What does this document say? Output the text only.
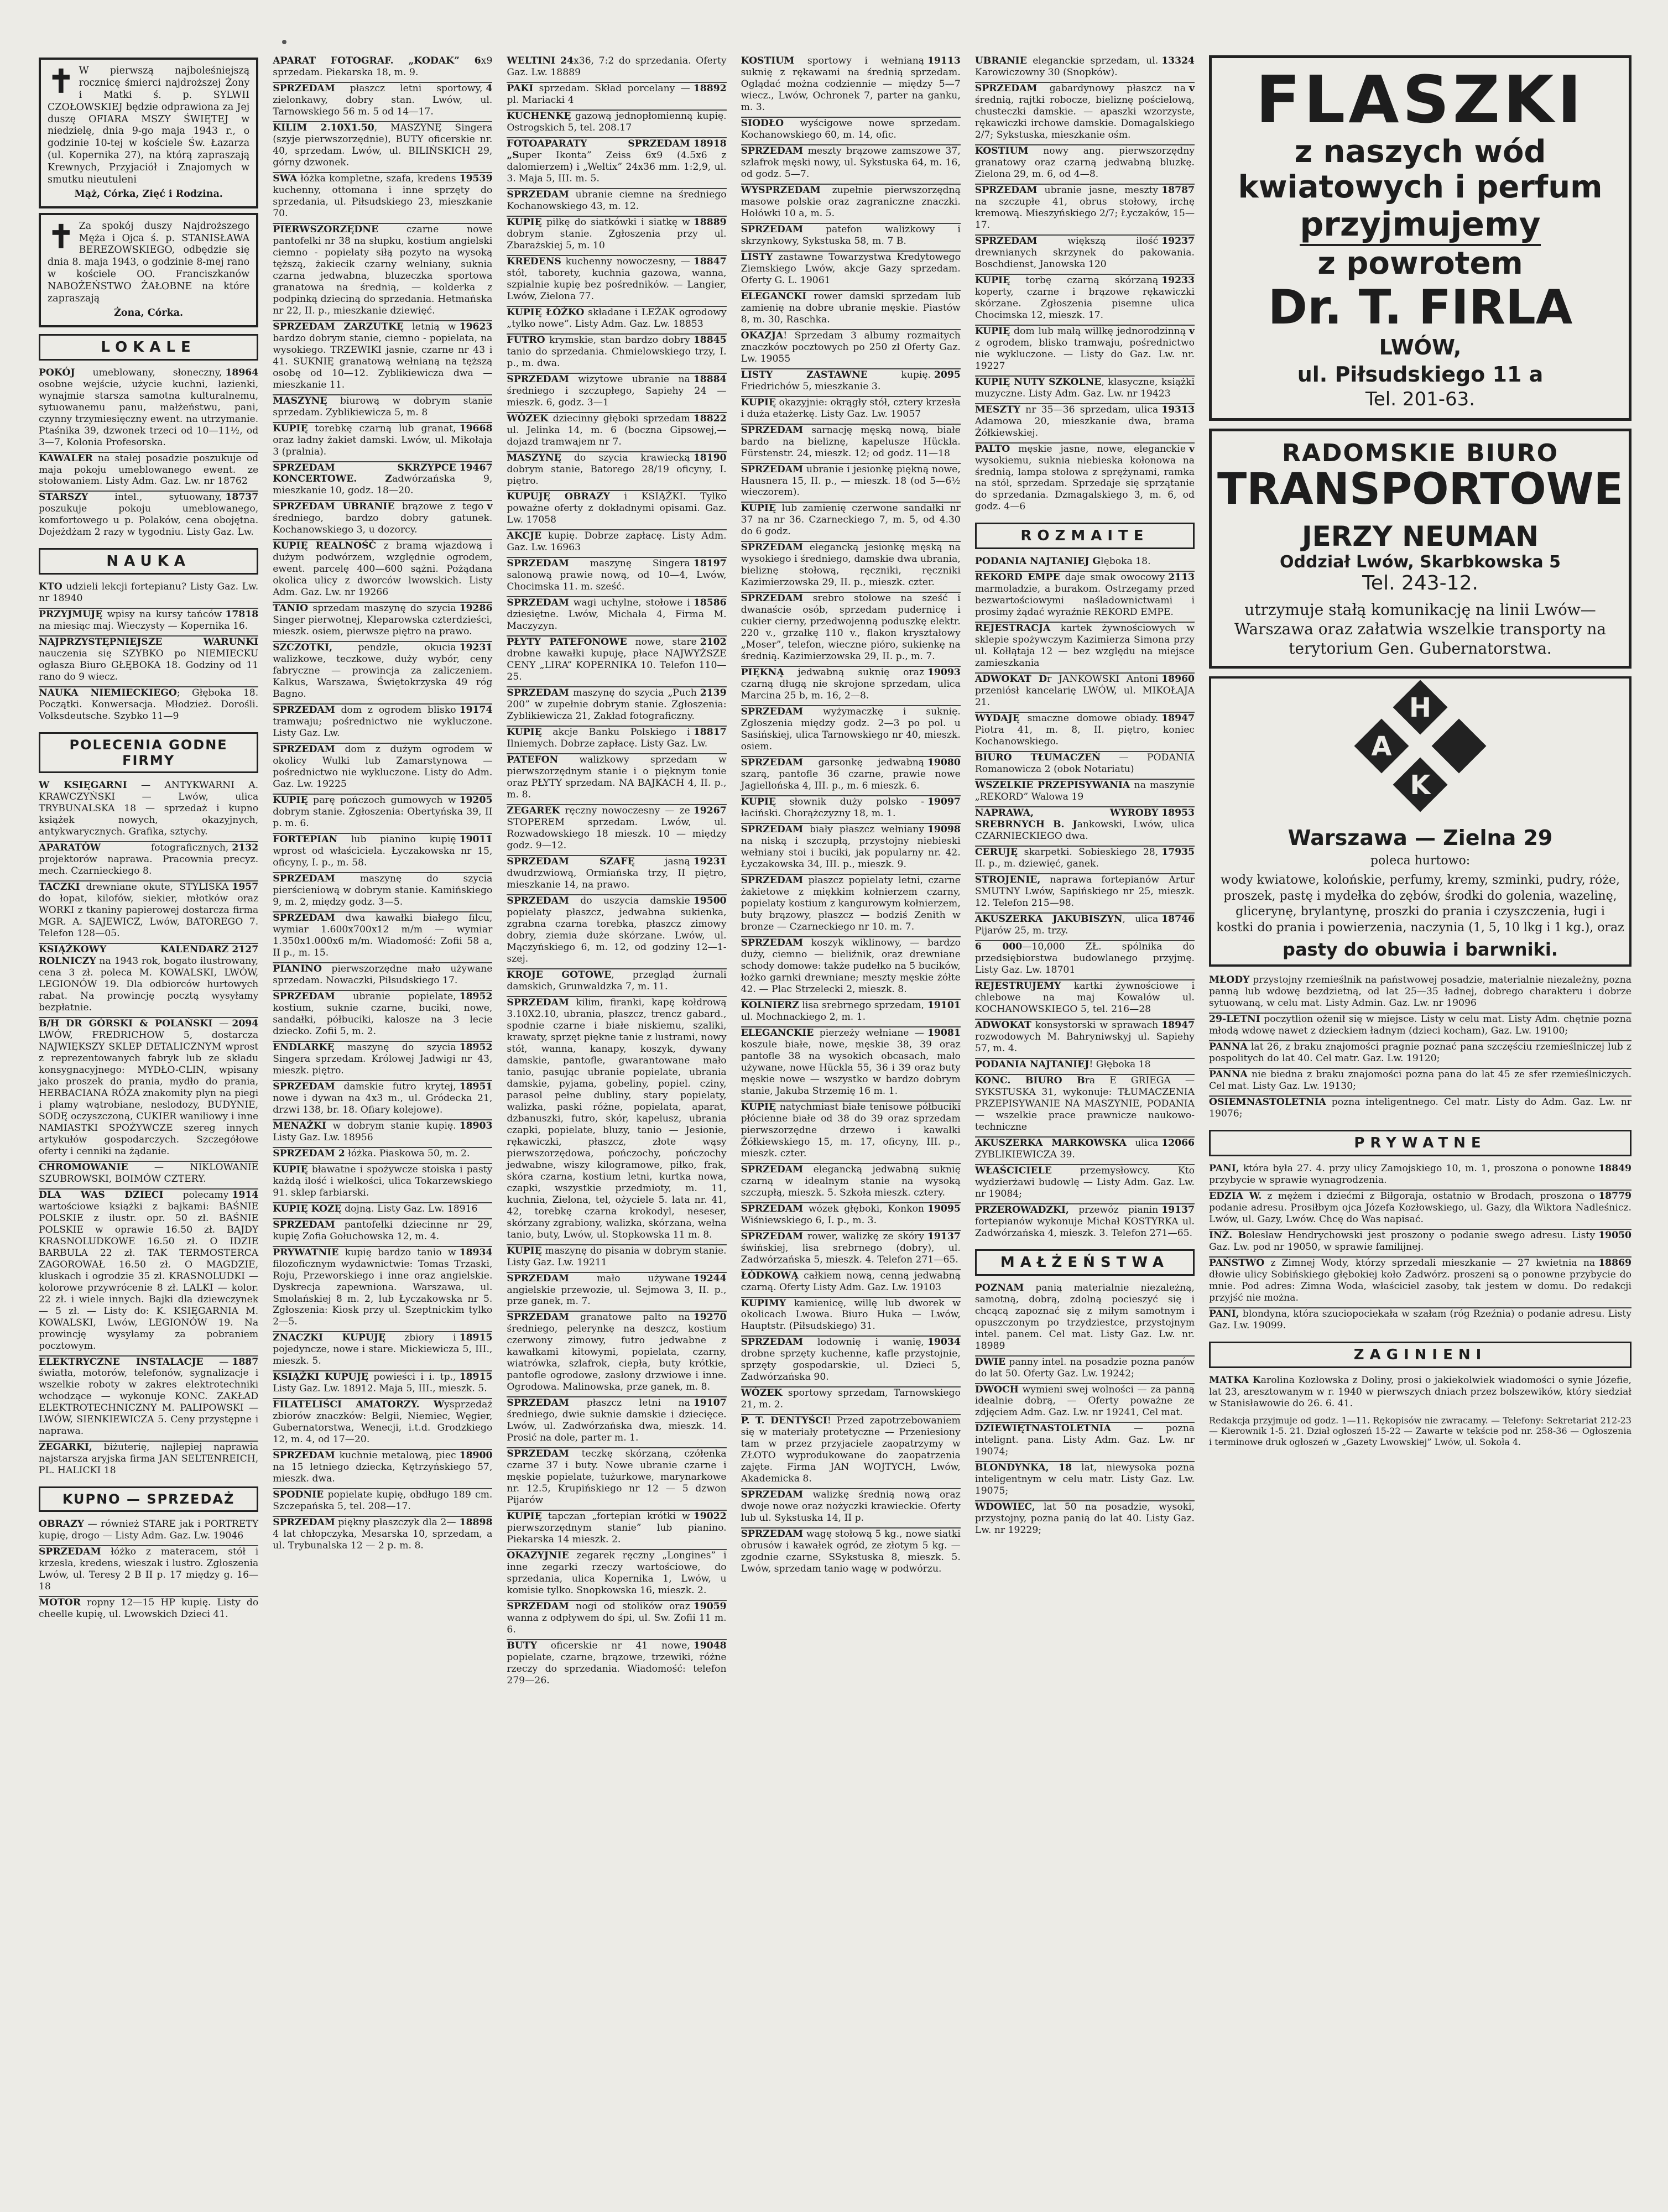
✝ W pierwszą najboleśniejszą rocznicę śmierci najdroższej Żony i Matki ś. p. SYLWII CZOŁOWSKIEJ będzie odprawiona za Jej duszę OFIARA MSZY ŚWIĘTEJ w niedzielę, dnia 9-go maja 1943 r., o godzinie 10-tej w kościele Św. Łazarza (ul. Kopernika 27), na którą zapraszają Krewnych, Przyjaciół i Znajomych w smutku nieutuleni
Mąż, Córka, Zięć i Rodzina.
✝ Za spokój duszy Najdroższego Męża i Ojca ś. p. STANISŁAWA BEREZOWSKIEGO, odbędzie się dnia 8. maja 1943, o godzinie 8-mej rano w kościele OO. Franciszkanów NABOŻEŃSTWO ŻAŁOBNE na które zapraszają
Żona, Córka.
LOKALE
18964
POKÓJ umeblowany, słoneczny, osobne wejście, użycie kuchni, łazienki, wynajmie starsza samotna kulturalnemu, sytuowanemu panu, małżeństwu, pani, czynny trzymiesięczny ewent. na utrzymanie. Ptaśnika 39, dzwonek trzeci od 10—11½, od 3—7, Kolonia Profesorska.
KAWALER na stałej posadzie poszukuje od maja pokoju umeblowanego ewent. ze stołowaniem. Listy Adm. Gaz. Lw. nr 18762
18737
STARSZY intel., sytuowany, poszukuje pokoju umeblowanego, komfortowego u p. Polaków, cena obojętna. Dojeżdżam 2 razy w tygodniu. Listy Gaz. Lw.
NAUKA
KTO udzieli lekcji fortepianu? Listy Gaz. Lw. nr 18940
17818
PRZYJMUJĘ wpisy na kursy tańców na miesiąc maj. Wieczysty — Kopernika 16.
NAJPRZYSTĘPNIEJSZE WARUNKI nauczenia się SZYBKO po NIEMIECKU ogłasza Biuro GŁĘBOKA 18. Godziny od 11 rano do 9 wiecz.
NAUKA NIEMIECKIEGO; Głęboka 18. Początki. Konwersacja. Młodzież. Dorośli. Volksdeutsche. Szybko 11—9
POLECENIA GODNE FIRMY
W KSIĘGARNI — ANTYKWARNI A. KRAWCZYŃSKI — Lwów, ulica TRYBUNALSKA 18 — sprzedaż i kupno książek nowych, okazyjnych, antykwarycznych. Grafika, sztychy.
2132
APARATÓW fotograficznych, projektorów naprawa. Pracownia precyz. mech. Czarnieckiego 8.
1957
TACZKI drewniane okute, STYLISKA do łopat, kilofów, siekier, młotków oraz WORKI z tkaniny papierowej dostarcza firma MGR. A. SAJEWICZ, Lwów, BATOREGO 7. Telefon 128—05.
2127
KSIĄŻKOWY KALENDARZ ROLNICZY na 1943 rok, bogato ilustrowany, cena 3 zł. poleca M. KOWALSKI, LWÓW, LEGIONÓW 19. Dla odbiorców hurtowych rabat. Na prowincję pocztą wysyłamy bezpłatnie.
2094
B/H DR GÓRSKI & POLAŃSKI — LWÓW, FREDRICHOW 5, dostarcza NAJWIĘKSZY SKLEP DETALICZNYM wprost z reprezentowanych fabryk lub ze składu konsygnacyjnego: MYDŁO-CLIN, wpisany jako proszek do prania, mydło do prania, HERBACIANA RÓŻA znakomity plyn na piegi i plamy wątrobiane, neslodozy, BUDYNIE, SODĘ oczyszczoną, CUKIER waniliowy i inne NAMIASTKI SPOŻYWCZE szereg innych artykułów gospodarczych. Szczegółowe oferty i cenniki na żądanie.
CHROMOWANIE — NIKLOWANIE SZUBROWSKI, BOIMÓW CZTERY.
1914
DLA WAS DZIECI polecamy wartościowe książki z bajkami: BAŚNIE POLSKIE z ilustr. opr. 50 zł. BAŚNIE POLSKIE w oprawie 16.50 zł. BAJDY KRASNOLUDKOWE 16.50 zł. O IDZIE BARBULA 22 zł. TAK TERMOSTERCA ZAGOROWAŁ 16.50 zł. O MAGDZIE, kluskach i ogrodzie 35 zł. KRASNOLUDKI — kolorowe przywrócenie 8 zł. LALKI — kolor. 22 zł. i wiele innych. Bajki dla dziewczynek — 5 zł. — Listy do: K. KSIĘGARNIA M. KOWALSKI, Lwów, LEGIONÓW 19. Na prowincję wysyłamy za pobraniem pocztowym.
1887
ELEKTRYCZNE INSTALACJE — światła, motorów, telefonów, sygnalizacje i wszelkie roboty w zakres elektrotechniki wchodzące — wykonuje KONC. ZAKŁAD ELEKTROTECHNICZNY M. PALIPOWSKI — LWÓW, SIENKIEWICZA 5. Ceny przystępne i naprawa.
ZEGARKI, biżuterię, najlepiej naprawia najstarsza aryjska firma JAN SELTENREICH, PL. HALICKI 18
KUPNO — SPRZEDAŻ
OBRAZY — również STARE jak i PORTRETY kupię, drogo — Listy Adm. Gaz. Lw. 19046
SPRZEDAM łóżko z materacem, stół i krzesła, kredens, wieszak i lustro. Zgłoszenia Lwów, ul. Teresy 2 B II p. 17 między g. 16—18
MOTOR ropny 12—15 HP kupię. Listy do cheelle kupię, ul. Lwowskich Dzieci 41.
APARAT FOTOGRAF. „KODAK” 6x9 sprzedam. Piekarska 18, m. 9.
4
SPRZEDAM płaszcz letni sportowy, zielonkawy, dobry stan. Lwów, ul. Tarnowskiego 56 m. 5 od 14—17.
KILIM 2.10X1.50, MASZYNĘ Singera (szyje pierwszorzędnie), BUTY oficerskie nr. 40, sprzedam. Lwów, ul. BILIŃSKICH 29, górny dzwonek.
19539
SWA łóżka kompletne, szafa, kredens kuchenny, ottomana i inne sprzęty do sprzedania, ul. Piłsudskiego 23, mieszkanie 70.
PIERWSZORZĘDNE czarne nowe pantofelki nr 38 na słupku, kostium angielski ciemno - popielaty siłą pozyto na wysoką tęższą, żakiecik czarny welniany, suknia czarna jedwabna, bluzeczka sportowa granatowa na średnią, — kolderka z podpinką dzieciną do sprzedania. Hetmańska nr 22, II. p., mieszkanie dziewięć.
19623
SPRZEDAM ZARZUTKĘ letnią w bardzo dobrym stanie, ciemno - popielata, na wysokiego. TRZEWIKI jasnie, czarne nr 43 i 41. SUKNIĘ granatową wełnianą na tęższą osobę od 10—12. Zyblikiewicza dwa — mieszkanie 11.
MASZYNĘ biurową w dobrym stanie sprzedam. Zyblikiewicza 5, m. 8
19668
KUPIĘ torebkę czarną lub granat, oraz ładny żakiet damski. Lwów, ul. Mikołaja 3 (pralnia).
19467
SPRZEDAM SKRZYPCE KONCERTOWE. Zadwórzańska 9, mieszkanie 10, godz. 18—20.
v
SPRZEDAM UBRANIE brązowe z tego średniego, bardzo dobry gatunek. Kochanowskiego 3, u dozorcy.
KUPIĘ REALNOŚĆ z bramą wjazdową i dużym podwórzem, względnie ogrodem, ewent. parcelę 400—600 sążni. Pożądana okolica ulicy z dworców lwowskich. Listy Adm. Gaz. Lw. nr 19266
19286
TANIO sprzedam maszynę do szycia Singer pierwotnej, Kleparowska czterdzieści, mieszk. osiem, pierwsze piętro na prawo.
19231
SZCZOTKI, pendzle, okucia walizkowe, teczkowe, duży wybór, ceny fabryczne — prowincja za zaliczeniem. Kalkus, Warszawa, Świętokrzyska 49 róg Bagno.
19174
SPRZEDAM dom z ogrodem blisko tramwaju; pośrednictwo nie wykluczone. Listy Gaz. Lw.
SPRZEDAM dom z dużym ogrodem w okolicy Wulki lub Zamarstynowa — pośrednictwo nie wykluczone. Listy do Adm. Gaz. Lw. 19225
19205
KUPIĘ parę pończoch gumowych w dobrym stanie. Zgłoszenia: Obertyńska 39, II p. m. 6.
19011
FORTEPIAN lub pianino kupię wprost od właściciela. Łyczakowska nr 15, oficyny, I. p., m. 58.
SPRZEDAM maszynę do szycia pierścieniową w dobrym stanie. Kamińskiego 9, m. 2, między godz. 3—5.
SPRZEDAM dwa kawałki białego filcu, wymiar 1.600x700x12 m/m — wymiar 1.350x1.000x6 m/m. Wiadomość: Zofii 58 a, II p., m. 15.
PIANINO pierwszorzędne mało używane sprzedam. Nowaczki, Piłsudskiego 17.
18952
SPRZEDAM ubranie popielate, kostium, suknie czarne, buciki, nowe, sandałki, półbuciki, kalosze na 3 lecie dziecko. Zofii 5, m. 2.
18952
ENDLARKĘ maszynę do szycia Singera sprzedam. Królowej Jadwigi nr 43, mieszk. piętro.
18951
SPRZEDAM damskie futro krytej, nowe i dywan na 4x3 m., ul. Gródecka 21, drzwi 138, br. 18. Ofiary kolejowe).
18903
MENAŻKI w dobrym stanie kupię. Listy Gaz. Lw. 18956
SPRZEDAM 2 łóżka. Piaskowa 50, m. 2.
KUPIĘ bławatne i spożywcze stoiska i pasty każdą ilość i wielkości, ulica Tokarzewskiego 91. sklep farbiarski.
KUPIĘ KOZĘ dojną. Listy Gaz. Lw. 18916
SPRZEDAM pantofelki dziecinne nr 29, kupię Zofia Gołuchowska 12, m. 4.
18934
PRYWATNIE kupię bardzo tanio w filozoficznym wydawnictwie: Tomas Trzaski, Roju, Przeworskiego i inne oraz angielskie. Dyskrecja zapewniona. Warszawa, ul. Smolańskiej 8 m. 2, lub Łyczakowska nr 5. Zgłoszenia: Kiosk przy ul. Szeptnickim tylko 2—5.
18915
ZNACZKI KUPUJĘ zbiory i pojedyncze, nowe i stare. Mickiewicza 5, III., mieszk. 5.
18915
KSIĄŻKI KUPUJĘ powieści i i. tp., Listy Gaz. Lw. 18912. Maja 5, III., mieszk. 5.
FILATELIŚCI AMATORZY. Wysprzedaż zbiorów znaczków: Belgii, Niemiec, Węgier, Gubernatorstwa, Wenecji, i.t.d. Grodzkiego 12, m. 4, od 17—20.
18900
SPRZEDAM kuchnie metalową, piec na 15 letniego dziecka, Kętrzyńskiego 57, mieszk. dwa.
SPODNIE popielate kupię, obdługo 189 cm. Szczepańska 5, tel. 208—17.
18898
SPRZEDAM piękny płaszczyk dla 2—4 lat chłopczyka, Mesarska 10, sprzedam, a ul. Trybunalska 12 — 2 p. m. 8.
WELTINI 24x36, 7:2 do sprzedania. Oferty Gaz. Lw. 18889
18892
PAKI sprzedam. Skład porcelany — pl. Mariacki 4
KUCHENKĘ gazową jednopłomienną kupię. Ostrogskich 5, tel. 208.17
18918
FOTOAPARATY SPRZEDAM „Super Ikonta” Zeiss 6x9 (4.5x6 z dalomierzem) i „Weltix” 24x36 mm. 1:2,9, ul. 3. Maja 5, III. m. 5.
SPRZEDAM ubranie ciemne na średniego Kochanowskiego 43, m. 12.
18889
KUPIĘ piłkę do siatkówki i siatkę w dobrym stanie. Zgłoszenia przy ul. Zbarażskiej 5, m. 10
18847
KREDENS kuchenny nowoczesny, — stół, taborety, kuchnia gazowa, wanna, szpialnie kupię bez pośredników. — Langier, Lwów, Zielona 77.
KUPIĘ ŁÓŻKO składane i LEŻAK ogrodowy „tylko nowe”. Listy Adm. Gaz. Lw. 18853
18845
FUTRO krymskie, stan bardzo dobry tanio do sprzedania. Chmielowskiego trzy, I. p., m. dwa.
18884
SPRZEDAM wizytowe ubranie na średniego i szczupłego, Sapiehy 24 — mieszk. 6, godz. 3—1
18822
WÓZEK dziecinny głęboki sprzedam ul. Jelinka 14, m. 6 (boczna Gipsowej,—dojazd tramwajem nr 7.
18190
MASZYNĘ do szycia krawiecką dobrym stanie, Batorego 28/19 oficyny, I. piętro.
KUPUJĘ OBRAZY i KSIĄŻKI. Tylko poważne oferty z dokładnymi opisami. Gaz. Lw. 17058
AKCJE kupię. Dobrze zapłacę. Listy Adm. Gaz. Lw. 16963
18197
SPRZEDAM maszynę Singera salonową prawie nową, od 10—4, Lwów, Chocimska 11. m. sześć.
18586
SPRZEDAM wagi uchylne, stołowe i dziesiętne. Lwów, Michała 4, Firma M. Maczyzyn.
2102
PŁYTY PATEFONOWE nowe, stare drobne kawałki kupuję, płace NAJWYŻSZE CENY „LIRA” KOPERNIKA 10. Telefon 110—25.
2139
SPRZEDAM maszynę do szycia „Puch 200” w zupełnie dobrym stanie. Zgłoszenia: Zyblikiewicza 21, Zakład fotograficzny.
18817
KUPIĘ akcje Banku Polskiego i Ilniemych. Dobrze zapłacę. Listy Gaz. Lw.
PATEFON walizkowy sprzedam w pierwszorzędnym stanie i o pięknym tonie oraz PŁYTY sprzedam. NA BAJKACH 4, II. p., m. 8.
19267
ZEGAREK ręczny nowoczesny — ze STOPEREM sprzedam. Lwów, ul. Rozwadowskiego 18 mieszk. 10 — między godz. 9—12.
19231
SPRZEDAM SZAFĘ jasną dwudrzwiową, Ormiańska trzy, II piętro, mieszkanie 14, na prawo.
19500
SPRZEDAM do uszycia damskie popielaty płaszcz, jedwabna sukienka, zgrabna czarna torebka, płaszcz zimowy dobry, ziemia duże skórzane. Lwów, ul. Mączyńskiego 6, m. 12, od godziny 12—1-szej.
KROJE GOTOWE, przegląd żurnali damskich, Grunwaldzka 7, m. 11.
SPRZEDAM kilim, firanki, kapę kołdrową 3.10X2.10, ubrania, płaszcz, trencz gabard., spodnie czarne i białe niskiemu, szaliki, krawaty, sprzęt piękne tanie z lustrami, nowy stół, wanna, kanapy, koszyk, dywany damskie, pantofle, gwarantowane mało tanio, pasując ubranie popielate, ubrania damskie, pyjama, gobeliny, popiel. cziny, parasol pełne dubliny, stary popielaty, walizka, paski różne, popielata, aparat, dzbanuszki, futro, skór, kapelusz, ubrania czapki, popielate, bluzy, tanio — Jesionie, rękawiczki, płaszcz, złote wąsy pierwszorzędowa, pończochy, pończochy jedwabne, wiszy kilogramowe, piłko, frak, skóra czarna, kostium letni, kurtka nowa, czapki, wszystkie przedmioty, m. 11, kuchnia, Zielona, tel, ożyciele 5. lata nr. 41, 42, torebkę czarna krokodyl, neseser, skórzany zgrabiony, walizka, skórzana, wełna tanio, buty, Lwów, ul. Stopkowska 11 m. 8.
KUPIĘ maszynę do pisania w dobrym stanie. Listy Gaz. Lw. 19211
19244
SPRZEDAM mało używane angielskie przewozie, ul. Sejmowa 3, II. p., prze ganek, m. 7.
19270
SPRZEDAM granatowe palto na średniego, pelerynkę na deszcz, kostium czerwony zimowy, futro jedwabne z kawałkami kitowymi, popielata, czarny, wiatrówka, szlafrok, ciepła, buty krótkie, pantofle ogrodowe, zasłony drzwiowe i inne. Ogrodowa. Malinowska, prze ganek, m. 8.
19107
SPRZEDAM płaszcz letni na średniego, dwie suknie damskie i dziecięce. Lwów, ul. Zadwórzańska dwa, mieszk. 14. Prosić na dole, parter m. 1.
SPRZEDAM teczkę skórzaną, czółenka czarne 37 i buty. Nowe ubranie czarne i męskie popielate, tużurkowe, marynarkowe nr. 12.5, Krupińskiego nr 12 — 5 dzwon Pijarów
19022
KUPIĘ tapczan „fortepian krótki w pierwszorzędnym stanie” lub pianino. Piekarska 14 mieszk. 2.
OKAZYJNIE zegarek ręczny „Longines” i inne zegarki rzeczy wartościowe, do sprzedania, ulica Kopernika 1, Lwów, u komisie tylko. Snopkowska 16, mieszk. 2.
19059
SPRZEDAM nogi od stolików oraz wanna z odpływem do śpi, ul. Sw. Zofii 11 m. 6.
19048
BUTY oficerskie nr 41 nowe, popielate, czarne, brązowe, trzewiki, różne rzeczy do sprzedania. Wiadomość: telefon 279—26.
19113
KOSTIUM sportowy i wełnianą suknię z rękawami na średnią sprzedam. Oglądać można codziennie — między 5—7 wiecz., Lwów, Ochronek 7, parter na ganku, m. 3.
SIODŁO wyścigowe nowe sprzedam. Kochanowskiego 60, m. 14, ofic.
SPRZEDAM meszty brązowe zamszowe 37, szlafrok męski nowy, ul. Sykstuska 64, m. 16, od godz. 5—7.
WYSPRZEDAM zupełnie pierwszorzędną masowe polskie oraz zagraniczne znaczki. Hołówki 10 a, m. 5.
SPRZEDAM patefon walizkowy i skrzynkowy, Sykstuska 58, m. 7 B.
LISTY zastawne Towarzystwa Kredytowego Ziemskiego Lwów, akcje Gazy sprzedam. Oferty G. L. 19061
ELEGANCKI rower damski sprzedam lub zamienię na dobre ubranie męskie. Piastów 8, m. 30, Raschka.
OKAZJA! Sprzedam 3 albumy rozmaitych znaczków pocztowych po 250 zł Oferty Gaz. Lw. 19055
2095
LISTY ZASTAWNE kupię. Friedrichów 5, mieszkanie 3.
KUPIĘ okazyjnie: okrągły stół, cztery krzesła i duża etażerkę. Listy Gaz. Lw. 19057
SPRZEDAM sarnację męską nową, białe bardo na bieliznę, kapelusze Hückla. Fürstenstr. 24, mieszk. 12; od godz. 11—18
SPRZEDAM ubranie i jesionkę piękną nowe, Hausnera 15, II. p., — mieszk. 18 (od 5—6½ wieczorem).
KUPIĘ lub zamienię czerwone sandałki nr 37 na nr 36. Czarneckiego 7, m. 5, od 4.30 do 6 godz.
SPRZEDAM elegancką jesionkę męską na wysokiego i średniego, damskie dwa ubrania, bieliznę stołową, ręczniki, ręczniki Kazimierzowska 29, II. p., mieszk. czter.
SPRZEDAM srebro stołowe na sześć i dwanaście osób, sprzedam pudernicę i cukier cierny, przedwojenną poduszkę elektr. 220 v., grzałkę 110 v., flakon kryształowy „Moser”, telefon, wieczne pióro, sukienkę na średnią. Kazimierzowska 29, II. p., m. 7.
19093
PIĘKNĄ jedwabną suknię oraz czarną długą nie skrojone sprzedam, ulica Marcina 25 b, m. 16, 2—8.
SPRZEDAM wyżymaczkę i suknię. Zgłoszenia między godz. 2—3 po pol. u Sasińskiej, ulica Tarnowskiego nr 40, mieszk. osiem.
19080
SPRZEDAM garsonkę jedwabną szarą, pantofle 36 czarne, prawie nowe Jagiellońska 4, III. p., m. 6 mieszk. 6.
19097
KUPIĘ słownik duży polsko - łaciński. Chorążczyzny 18, m. 1.
19098
SPRZEDAM biały płaszcz wełniany na niską i szczupłą, przystojny niebieski wełniany stoi i buciki, jak popularny nr. 42. Łyczakowska 34, III. p., mieszk. 9.
SPRZEDAM płaszcz popielaty letni, czarne żakietowe z miękkim kołnierzem czarny, popielaty kostium z kangurowym kołnierzem, buty brązowy, płaszcz — bodziś Zenith w bronze — Czarneckiego nr 10. m. 7.
SPRZEDAM koszyk wiklinowy, — bardzo duży, ciemno — bieliźnik, oraz drewniane schody domowe: także pudełko na 5 bucików, łożko garnki drewniane; meszty męskie żółte 42. — Plac Strzelecki 2, mieszk. 8.
19101
KOLNIERZ lisa srebrnego sprzedam, ul. Mochnackiego 2, m. 1.
19081
ELEGANCKIE pierzeży wełniane — koszule białe, nowe, męskie 38, 39 oraz pantofle 38 na wysokich obcasach, mało używane, nowe Hückla 55, 36 i 39 oraz buty męskie nowe — wszystko w bardzo dobrym stanie, Jakuba Strzemię 16 m. 1.
KUPIĘ natychmiast białe tenisowe półbuciki płócienne białe od 38 do 39 oraz sprzedam pierwszorzędne drzewo i kawałki Żółkiewskiego 15, m. 17, oficyny, III. p., mieszk. czter.
SPRZEDAM elegancką jedwabną suknię czarną w idealnym stanie na wysoką szczupłą, mieszk. 5. Szkoła mieszk. cztery.
19095
SPRZEDAM wózek głęboki, Konkon Wiśniewskiego 6, I. p., m. 3.
19137
SPRZEDAM rower, walizkę ze skóry świńskiej, lisa srebrnego (dobry), ul. Zadwórzańska 5, mieszk. 4. Telefon 271—65.
ŁÓDKOWĄ całkiem nową, cenną jedwabną czarną. Oferty Listy Adm. Gaz. Lw. 19103
KUPIMY kamienicę, willę lub dworek w okolicach Lwowa. Biuro Huka — Lwów, Hauptstr. (Piłsudskiego) 31.
19034
SPRZEDAM lodownię i wanię, drobne sprzęty kuchenne, kafle przystojnie, sprzęty gospodarskie, ul. Dzieci 5, Zadwórzańska 90.
WÓZEK sportowy sprzedam, Tarnowskiego 21, m. 2.
P. T. DENTYŚCI! Przed zapotrzebowaniem się w materiały protetyczne — Przeniesiony tam w przez przyjaciele zaopatrzymy w ZŁOTO wyprodukowane do zaopatrzenia zajęte. Firma JAN WOJTYCH, Lwów, Akademicka 8.
SPRZEDAM walizkę średnią nową oraz dwoje nowe oraz nożyczki krawieckie. Oferty lub ul. Sykstuska 14, II p.
SPRZEDAM wagę stołową 5 kg., nowe siatki obrusów i kawałek ogród, ze złotym 5 kg. — zgodnie czarne, SSykstuska 8, mieszk. 5. Lwów, sprzedam tanio wagę w podwórzu.
13324
UBRANIE eleganckie sprzedam, ul. Karowiczowny 30 (Snopków).
v
SPRZEDAM gabardynowy płaszcz na średnią, rajtki robocze, bieliznę pościelową, chusteczki damskie. — apaszki wzorzyste, rękawiczki irchowe damskie. Domagalskiego 2/7; Sykstuska, mieszkanie ośm.
KOSTIUM nowy ang. pierwszorzędny granatowy oraz czarną jedwabną bluzkę. Zielona 29, m. 6, od 4—8.
18787
SPRZEDAM ubranie jasne, meszty na szczupłe 41, obrus stołowy, irchę kremową. Mieszyńskiego 2/7; Łyczaków, 15—17.
19237
SPRZEDAM większą ilość drewnianych skrzynek do pakowania. Boschdienst, Janowska 120
19233
KUPIĘ torbę czarną skórzaną koperty, czarne i brązowe rękawiczki skórzane. Zgłoszenia pisemne ulica Chocimska 12, mieszk. 17.
v
KUPIĘ dom lub małą willkę jednorodzinną z ogrodem, blisko tramwaju, pośrednictwo nie wykluczone. — Listy do Gaz. Lw. nr. 19227
KUPIĘ NUTY SZKOLNE, klasyczne, książki muzyczne. Listy Adm. Gaz. Lw. nr 19423
19313
MESZTY nr 35—36 sprzedam, ulica Adamowa 20, mieszkanie dwa, brama Żółkiewskiej.
v
PALTO męskie jasne, nowe, eleganckie wysokiemu, suknia niebieska kołonowa na średnią, lampa stołowa z sprężynami, ramka na stół, sprzedam. Sprzedaje się sprzątanie do sprzedania. Dzmagalskiego 3, m. 6, od godz. 4—6
ROZMAITE
PODANIA NAJTANIEJ Głęboka 18.
2113
REKORD EMPE daje smak owocowy marmoladzie, a burakom. Ostrzegamy przed bezwartościowymi naśladownictwami i prosimy żądać wyraźnie REKORD EMPE.
REJESTRACJA kartek żywnościowych w sklepie spożywczym Kazimierza Simona przy ul. Kołłątaja 12 — bez względu na miejsce zamieszkania
18960
ADWOKAT Dr JANKOWSKI Antoni przeniósł kancelarię LWÓW, ul. MIKOŁAJA 21.
18947
WYDAJĘ smaczne domowe obiady. Piotra 41, m. 8, II. piętro, koniec Kochanowskiego.
BIURO TŁUMACZEŃ — PODANIA Romanowicza 2 (obok Notariatu)
WSZELKIE PRZEPISYWANIA na maszynie „REKORD” Walowa 19
18953
NAPRAWA, WYROBY SREBRNYCH B. Jankowski, Lwów, ulica CZARNIECKIEGO dwa.
17935
CERUJĘ skarpetki. Sobieskiego 28, II. p., m. dziewięć, ganek.
STROJENIE, naprawa fortepianów Artur SMUTNY Lwów, Sapińskiego nr 25, mieszk. 12. Telefon 215—98.
18746
AKUSZERKA JAKUBISZYN, ulica Pijarów 25, m. trzy.
6 000—10,000 ZŁ. spólnika do przedsiębiorstwa budowlanego przyjmę. Listy Gaz. Lw. 18701
REJESTRUJEMY kartki żywnościowe i chlebowe na maj Kowalów ul. KOCHANOWSKIEGO 5, tel. 216—28
18947
ADWOKAT konsystorski w sprawach rozwodowych M. Bahryniwskyj ul. Sapiehy 57, m. 4.
PODANIA NAJTANIEJ! Głęboka 18
KONC. BIURO Bra E GRIEGA — SYKSTUSKA 31, wykonuje: TŁUMACZENIA PRZEPISYWANIE NA MASZYNIE, PODANIA — wszelkie prace prawnicze naukowo-techniczne
12066
AKUSZERKA MARKOWSKA ulica ZYBLIKIEWICZA 39.
WŁAŚCICIELE przemysłowcy. Kto wydzierżawi budowlę — Listy Adm. Gaz. Lw. nr 19084;
19137
PRZEROWADZKI, przewóz pianin fortepianów wykonuje Michał KOSTYRKA ul. Zadwórzańska 4, mieszk. 3. Telefon 271—65.
MAŁŻEŃSTWA
POZNAM panią materialnie niezależną, samotną, dobrą, zdolną pocieszyć się i chcącą zapoznać się z miłym samotnym i opuszczonym po trzydziestce, przystojnym intel. panem. Cel mat. Listy Gaz. Lw. nr. 18989
DWIE panny intel. na posadzie pozna panów do lat 50. Oferty Gaz. Lw. 19242;
DWOCH wymieni swej wolności — za panną idealnie dobrą, — Oferty poważne ze zdjęciem Adm. Gaz. Lw. nr 19241, Cel mat.
DZIEWIĘTNASTOLETNIA — pozna intelignt. pana. Listy Adm. Gaz. Lw. nr 19074;
BLONDYNKA, 18 lat, niewysoka pozna inteligentnym w celu matr. Listy Gaz. Lw. 19075;
WDOWIEC, lat 50 na posadzie, wysoki, przystojny, pozna panią do lat 40. Listy Gaz. Lw. nr 19229;
FLASZKI
z naszych wód
kwiatowych i perfum
przyjmujemy
z powrotem
Dr. T. FIRLA
LWÓW,
ul. Piłsudskiego 11 a
Tel. 201-63.
RADOMSKIE BIURO
TRANSPORTOWE
JERZY NEUMAN
Oddział Lwów, Skarbkowska 5
Tel. 243-12.
utrzymuje stałą komunikację na linii Lwów—Warszawa oraz załatwia wszelkie transporty na terytorium Gen. Gubernatorstwa.
H
A
K
Warszawa — Zielna 29
poleca hurtowo:
wody kwiatowe, kolońskie, perfumy, kremy, szminki, pudry, róże, proszek, pastę i mydełka do zębów, środki do golenia, wazelinę, glicerynę, brylantynę, proszki do prania i czyszczenia, ługi i kostki do prania i powierzenia, naczynia (1, 5, 10 lkg i 1 kg.), oraz
pasty do obuwia i barwniki.
MŁODY przystojny rzemieślnik na państwowej posadzie, materialnie niezależny, pozna panną lub wdowę bezdzietną, od lat 25—35 ładnej, dobrego charakteru i dobrze sytuowaną, w celu mat. Listy Admin. Gaz. Lw. nr 19096
29-LETNI poczytlion ożenił się w miejsce. Listy w celu mat. Listy Adm. chętnie pozna młodą wdowę nawet z dzieckiem ładnym (dzieci kocham), Gaz. Lw. 19100;
PANNA lat 26, z braku znajomości pragnie poznać pana szczęściu rzemieślniczej lub z pospolitych do lat 40. Cel matr. Gaz. Lw. 19120;
PANNA nie biedna z braku znajomości pozna pana do lat 45 ze sfer rzemieślniczych. Cel mat. Listy Gaz. Lw. 19130;
OSIEMNASTOLETNIA pozna inteligentnego. Cel matr. Listy do Adm. Gaz. Lw. nr 19076;
PRYWATNE
18849
PANI, która była 27. 4. przy ulicy Zamojskiego 10, m. 1, proszona o ponowne przybycie w sprawie wynagrodzenia.
18779
EDZIA W. z mężem i dziećmi z Biłgoraja, ostatnio w Brodach, proszona o podanie adresu. Prosiłbym ojca Józefa Kozłowskiego, ul. Gazy, dla Wiktora Nadleśnicz. Lwów, ul. Gazy, Lwów. Chcę do Was napisać.
19050
INŻ. Bolesław Hendrychowski jest proszony o podanie swego adresu. Listy Gaz. Lw. pod nr 19050, w sprawie familijnej.
18869
PAŃSTWO z Zimnej Wody, którzy sprzedali mieszkanie — 27 kwietnia na dłowie ulicy Sobińskiego głębokiej koło Zadwórz. proszeni są o ponowne przybycie do mnie. Pod adres: Zimna Woda, właściciel zasoby, tak jestem w domu. Do redakcji przyjść nie można.
PANI, blondyna, która szuciopociekała w szałam (róg Rzeźnia) o podanie adresu. Listy Gaz. Lw. 19099.
ZAGINIENI
MATKA Karolina Kozłowska z Doliny, prosi o jakiekolwiek wiadomości o synie Józefie, lat 23, aresztowanym w r. 1940 w pierwszych dniach przez bolszewików, który siedział w Stanisławowie do 26. 6. 41.
Redakcja przyjmuje od godz. 1—11. Rękopisów nie zwracamy. — Telefony: Sekretariat 212-23 — Kierownik 1-5. 21. Dział ogłoszeń 15-22 — Zawarte w tekście pod nr. 258-36 — Ogłoszenia i terminowe druk ogłoszeń w „Gazety Lwowskiej” Lwów, ul. Sokoła 4.
